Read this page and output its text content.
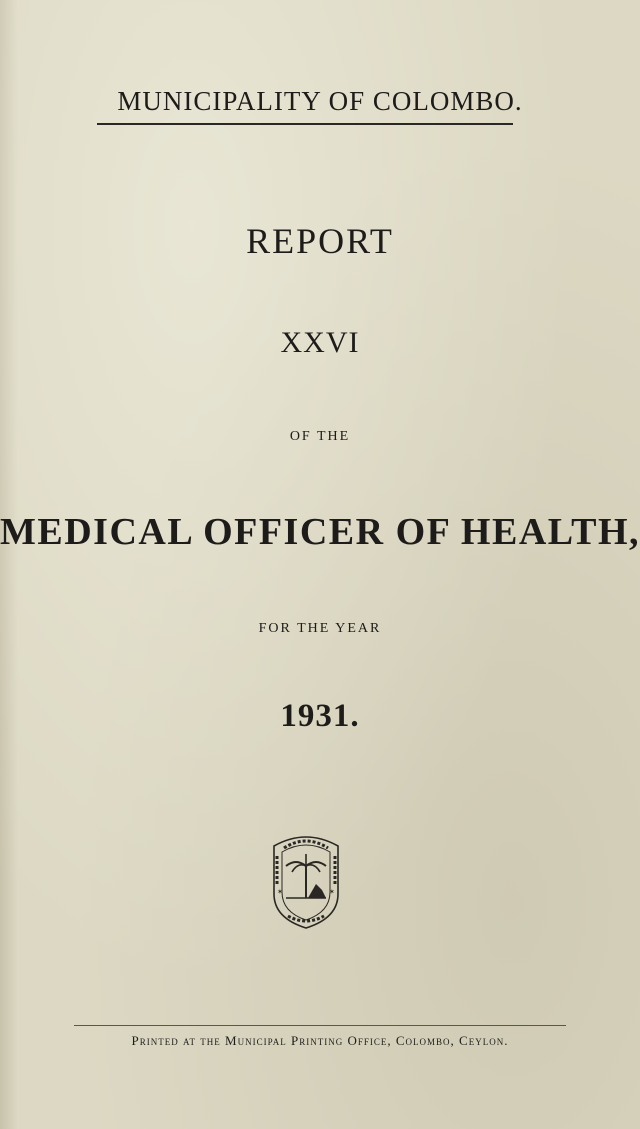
MUNICIPALITY OF COLOMBO.
REPORT
XXVI
OF THE
MEDICAL OFFICER OF HEALTH,
FOR THE YEAR
1931.
✶	✶
Printed at the Municipal Printing Office, Colombo, Ceylon.
